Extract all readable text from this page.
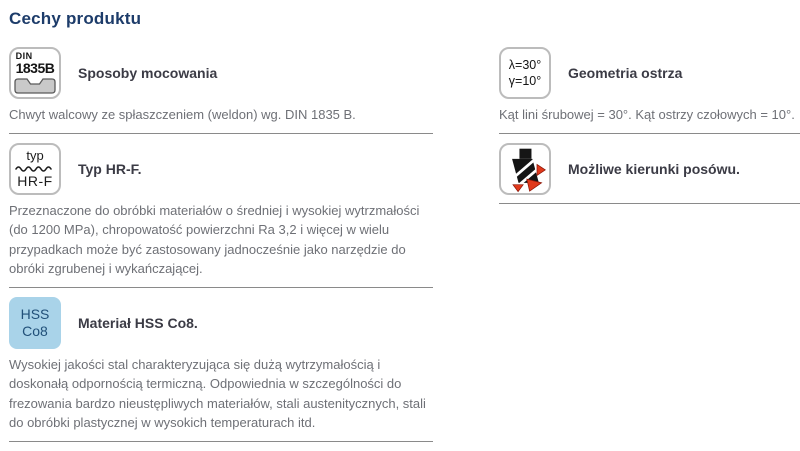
Cechy produktu
DIN
1835B Sposoby mocowania

Chwyt walcowy ze spłaszczeniem (weldon) wg. DIN 1835 B.

typ
HR-F
Typ HR-F.

Przeznaczone do obróbki materiałów o średniej i wysokiej wytrzmałości (do 1200 MPa), chropowatość powierzchni Ra 3,2 i więcej w wielu przypadkach może być zastosowany jadnocześnie jako narzędzie do obróki zgrubenej i wykańczającej.

HSS
Co8 Materiał HSS Co8.

Wysokiej jakości stal charakteryzująca się dużą wytrzymałością i doskonałą odpornością termiczną. Odpowiednia w szczególności do frezowania bardzo nieustępliwych materiałów, stali austenitycznych, stali do obróbki plastycznej w wysokich temperaturach itd.

λ=30°
γ=10° Geometria ostrza

Kąt lini śrubowej = 30°. Kąt ostrzy czołowych = 10°.

Możliwe kierunki posówu.
